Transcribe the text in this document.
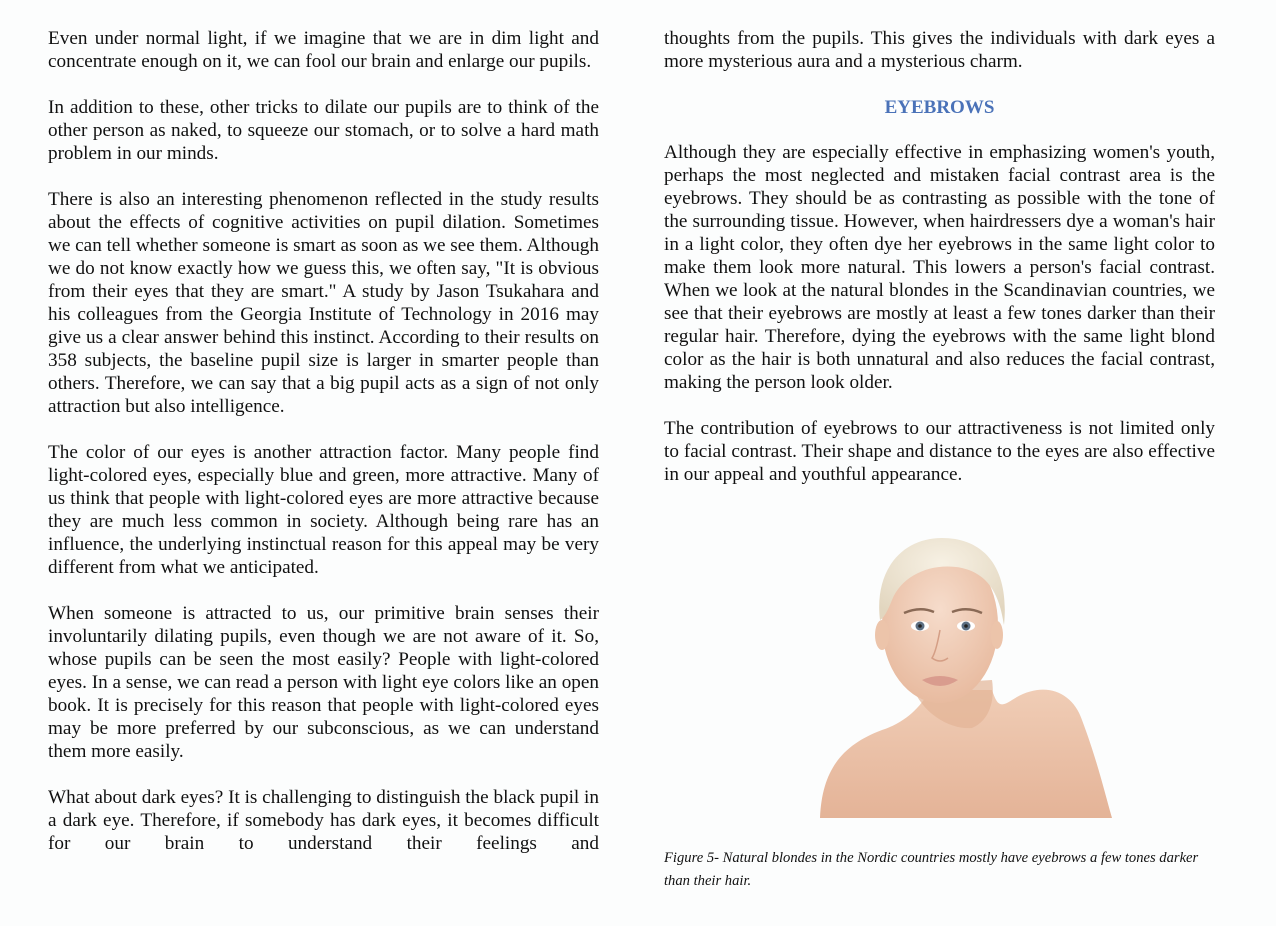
Even under normal light, if we imagine that we are in dim light and concentrate enough on it, we can fool our brain and enlarge our pupils.

In addition to these, other tricks to dilate our pupils are to think of the other person as naked, to squeeze our stomach, or to solve a hard math problem in our minds.

There is also an interesting phenomenon reflected in the study results about the effects of cognitive activities on pupil dilation. Sometimes we can tell whether someone is smart as soon as we see them. Although we do not know exactly how we guess this, we often say, "It is obvious from their eyes that they are smart." A study by Jason Tsukahara and his colleagues from the Georgia Institute of Technology in 2016 may give us a clear answer behind this instinct. According to their results on 358 subjects, the baseline pupil size is larger in smarter people than others. Therefore, we can say that a big pupil acts as a sign of not only attraction but also intelligence.

The color of our eyes is another attraction factor. Many people find light-colored eyes, especially blue and green, more attractive. Many of us think that people with light-colored eyes are more attractive because they are much less common in society. Although being rare has an influence, the underlying instinctual reason for this appeal may be very different from what we anticipated.

When someone is attracted to us, our primitive brain senses their involuntarily dilating pupils, even though we are not aware of it. So, whose pupils can be seen the most easily? People with light-colored eyes. In a sense, we can read a person with light eye colors like an open book. It is precisely for this reason that people with light-colored eyes may be more preferred by our subconscious, as we can understand them more easily.

What about dark eyes? It is challenging to distinguish the black pupil in a dark eye. Therefore, if somebody has dark eyes, it becomes difficult for our brain to understand their feelings and

thoughts from the pupils. This gives the individuals with dark eyes a more mysterious aura and a mysterious charm.

EYEBROWS

Although they are especially effective in emphasizing women's youth, perhaps the most neglected and mistaken facial contrast area is the eyebrows. They should be as contrasting as possible with the tone of the surrounding tissue. However, when hairdressers dye a woman's hair in a light color, they often dye her eyebrows in the same light color to make them look more natural. This lowers a person's facial contrast. When we look at the natural blondes in the Scandinavian countries, we see that their eyebrows are mostly at least a few tones darker than their regular hair. Therefore, dying the eyebrows with the same light blond color as the hair is both unnatural and also reduces the facial contrast, making the person look older.

The contribution of eyebrows to our attractiveness is not limited only to facial contrast. Their shape and distance to the eyes are also effective in our appeal and youthful appearance.

Figure 5- Natural blondes in the Nordic countries mostly have eyebrows a few tones darker than their hair.
